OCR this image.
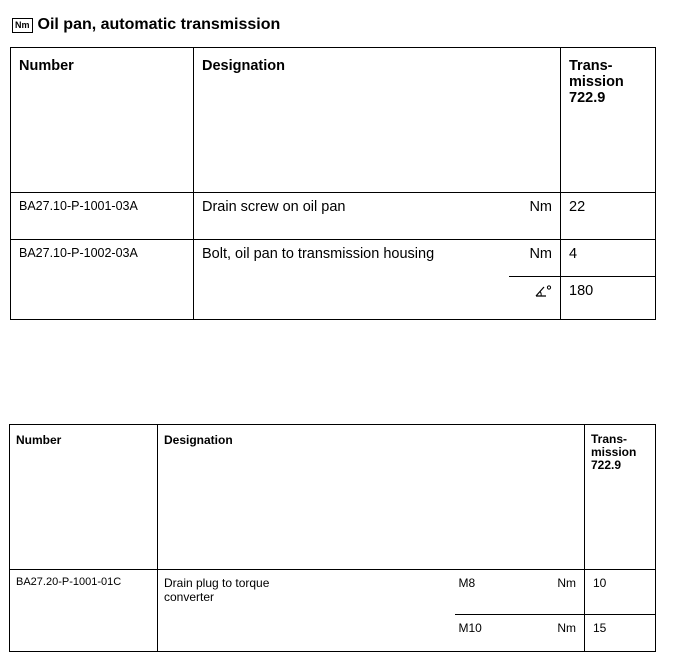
Nm Oil pan, automatic transmission
Number	Designation		Trans-
mission
722.9
BA27.10-P-1001-03A	Drain screw on oil pan	Nm	22
BA27.10-P-1002-03A	Bolt, oil pan to transmission housing	Nm	4
			180
Number	Designation			Trans-
mission
722.9
BA27.20-P-1001-01C	Drain plug to torque
converter	M8	Nm	10
		M10	Nm	15
